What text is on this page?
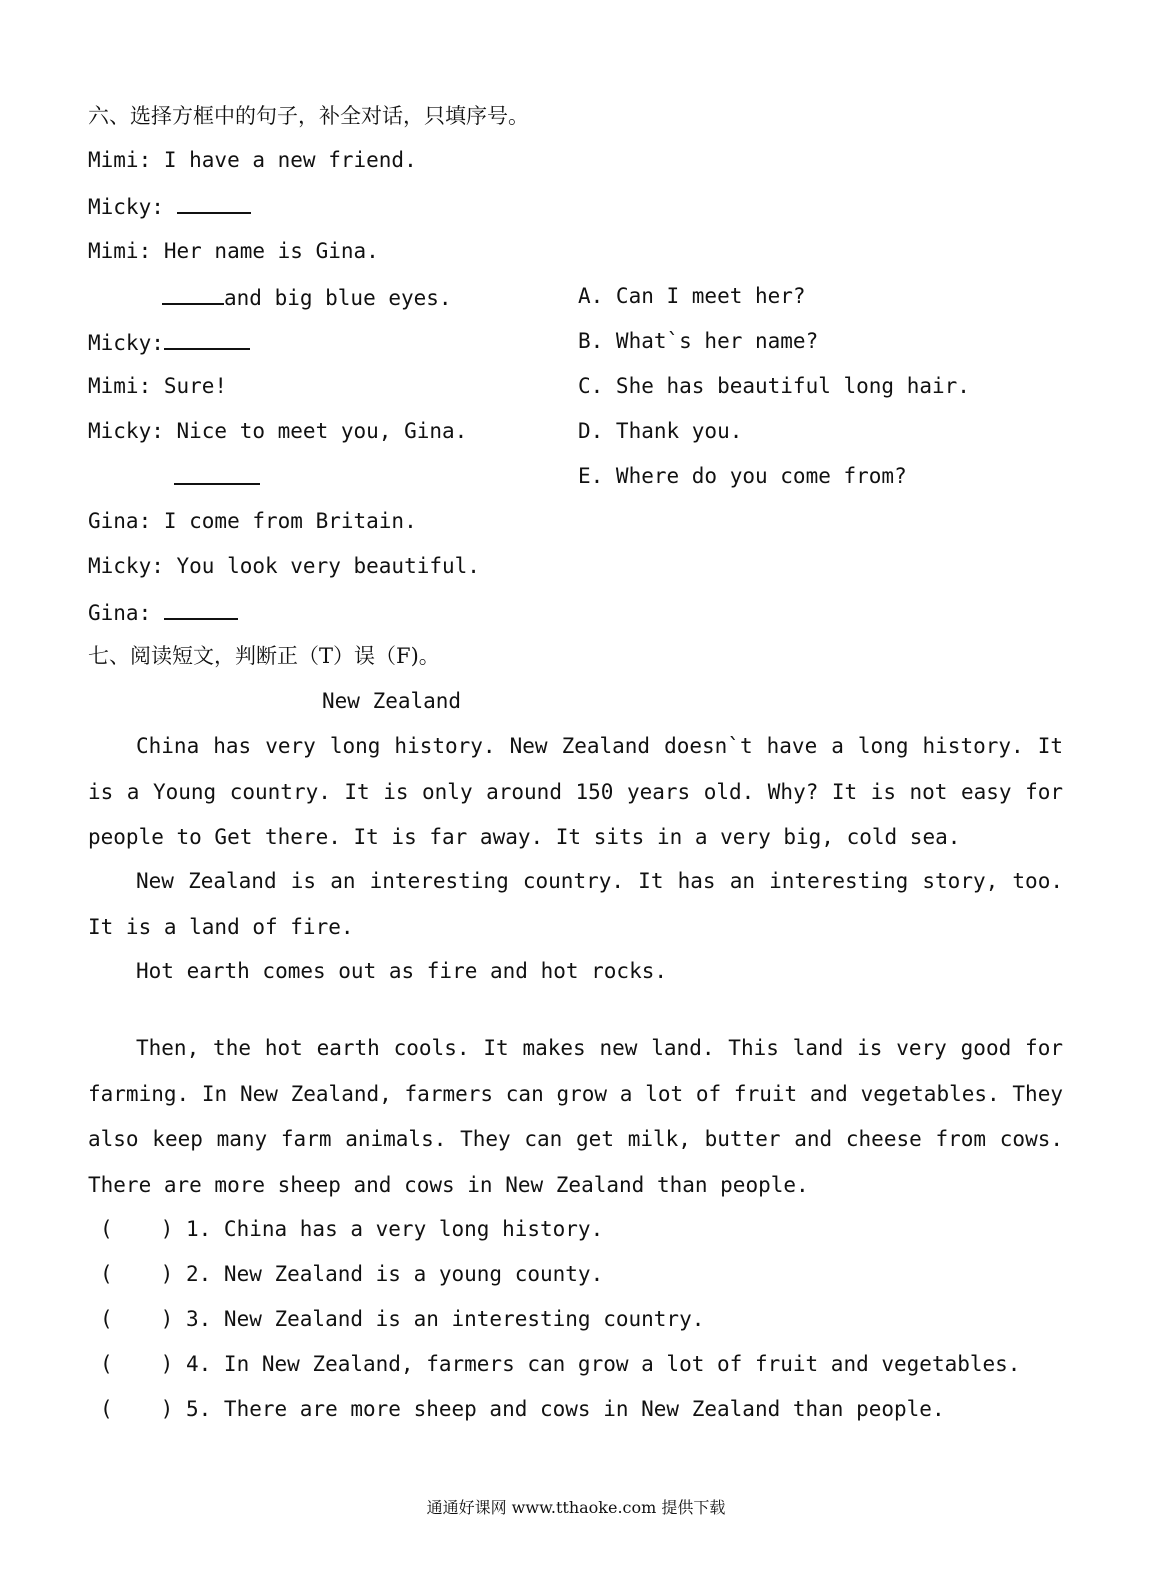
六、选择方框中的句子，补全对话，只填序号。
Mimi: I have a new friend.
Micky:
Mimi: Her name is Gina.
and big blue eyes.
Micky:
Mimi: Sure!
Micky: Nice to meet you, Gina.
Gina: I come from Britain.
Micky: You look very beautiful.
Gina:
A. Can I meet her?
B. What`s her name?
C. She has beautiful long hair.
D. Thank you.
E. Where do you come from?
七、阅读短文，判断正（T）误（F)。
New Zealand
China has very long history. New Zealand doesn`t have a long history. It is a Young country. It is only around 150 years old. Why? It is not easy for people to Get there. It is far away. It sits in a very big, cold sea.
New Zealand is an interesting country. It has an interesting story, too. It is a land of fire.
Hot earth comes out as fire and hot rocks.
Then, the hot earth cools. It makes new land. This land is very good for farming. In New Zealand, farmers can grow a lot of fruit and vegetables. They also keep many farm animals. They can get milk, butter and cheese from cows. There are more sheep and cows in New Zealand than people.
( ) 1. China has a very long history.
( ) 2. New Zealand is a young county.
( ) 3. New Zealand is an interesting country.
( ) 4. In New Zealand, farmers can grow a lot of fruit and vegetables.
( ) 5. There are more sheep and cows in New Zealand than people.
通通好课网 www.tthaoke.com 提供下载
